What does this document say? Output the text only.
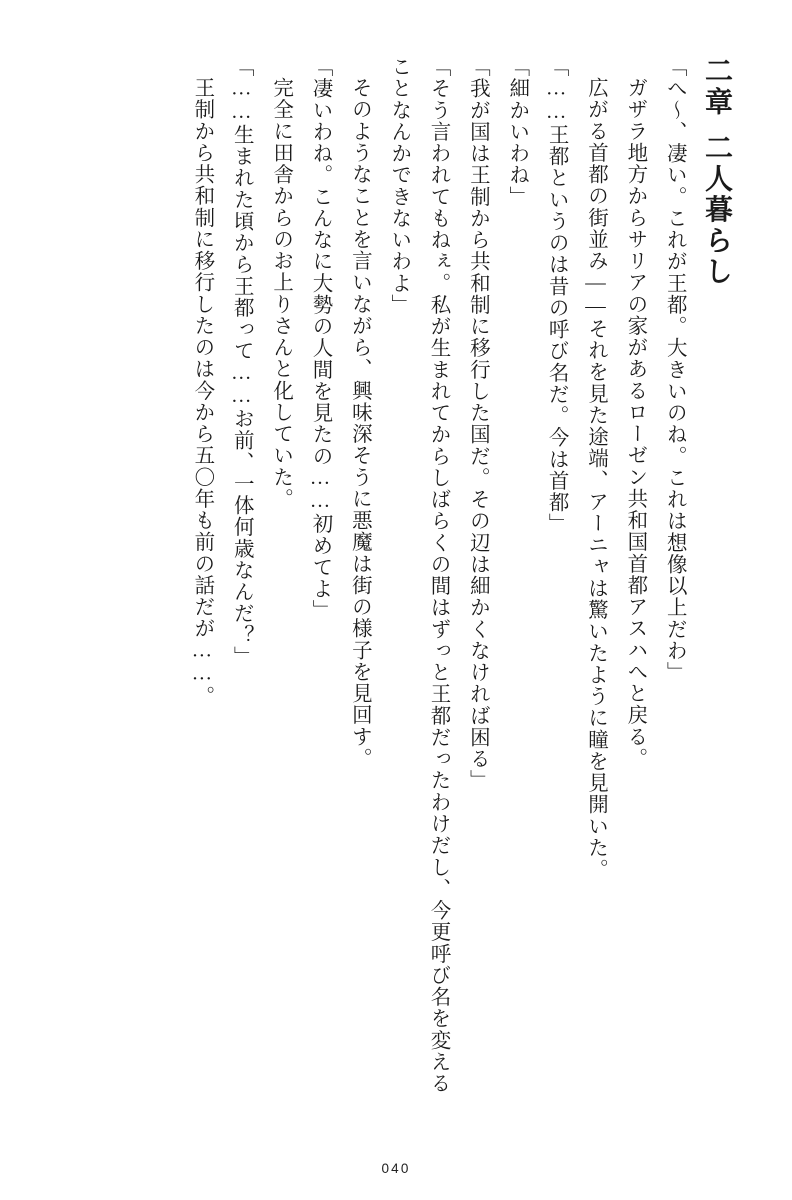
二章二人暮らし

「へ～、凄い。これが王都。大きいのね。これは想像以上だわ」

ガザラ地方からサリアの家があるローゼン共和国首都アスハへと戻る。

広がる首都の街並み――それを見た途端、アーニャは驚いたように瞳を見開いた。

「……王都というのは昔の呼び名だ。今は首都」

「細かいわね」

「我が国は王制から共和制に移行した国だ。その辺は細かくなければ困る」

「そう言われてもねぇ。私が生まれてからしばらくの間はずっと王都だったわけだし、今更呼び名を変えることなんかできないわよ」

そのようなことを言いながら、興味深そうに悪魔は街の様子を見回す。

「凄いわね。こんなに大勢の人間を見たの……初めてよ」

完全に田舎からのお上りさんと化していた。

「……生まれた頃から王都って……お前、一体何歳なんだ？」

王制から共和制に移行したのは今から五〇年も前の話だが……。

040
